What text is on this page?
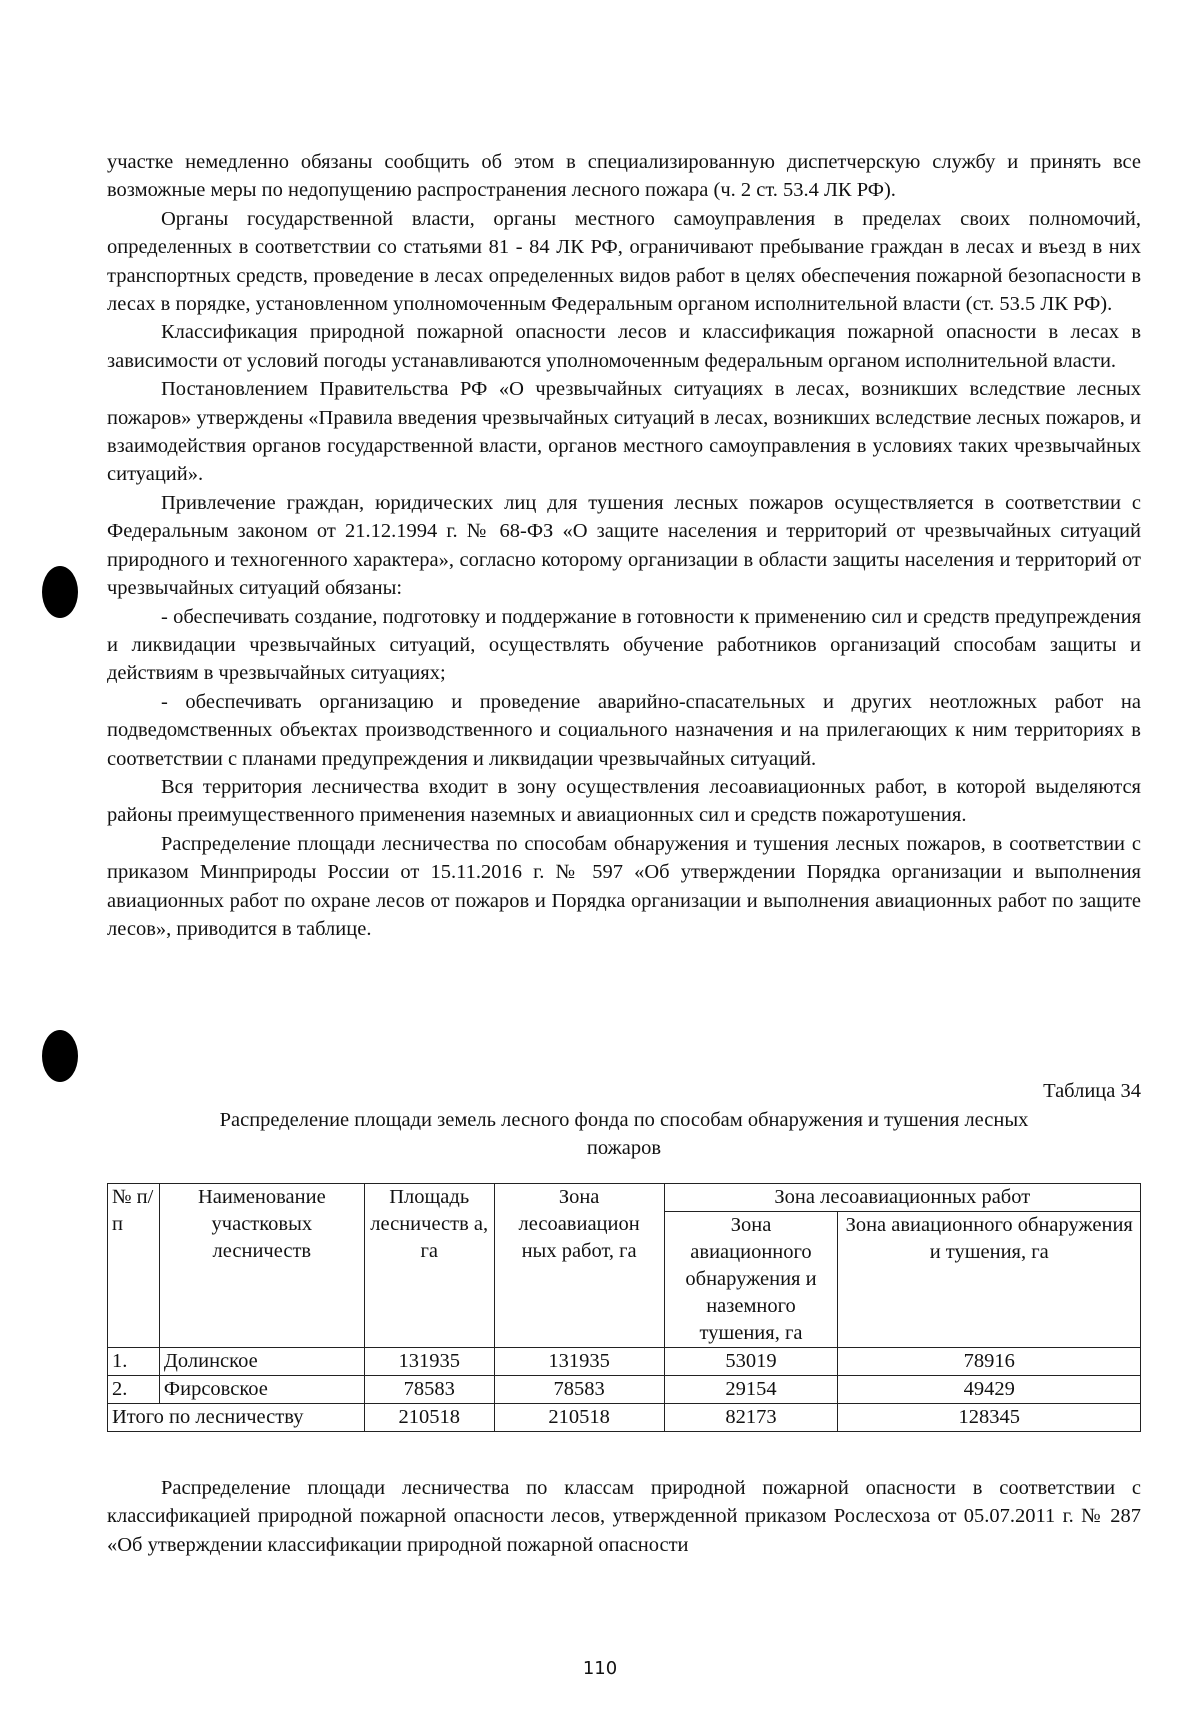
участке немедленно обязаны сообщить об этом в специализированную диспетчерскую службу и принять все возможные меры по недопущению распространения лесного пожара (ч. 2 ст. 53.4 ЛК РФ).

Органы государственной власти, органы местного самоуправления в пределах своих полномочий, определенных в соответствии со статьями 81 - 84 ЛК РФ, ограничивают пребывание граждан в лесах и въезд в них транспортных средств, проведение в лесах определенных видов работ в целях обеспечения пожарной безопасности в лесах в порядке, установленном уполномоченным Федеральным органом исполнительной власти (ст. 53.5 ЛК РФ).

Классификация природной пожарной опасности лесов и классификация пожарной опасности в лесах в зависимости от условий погоды устанавливаются уполномоченным федеральным органом исполнительной власти.

Постановлением Правительства РФ «О чрезвычайных ситуациях в лесах, возникших вследствие лесных пожаров» утверждены «Правила введения чрезвычайных ситуаций в лесах, возникших вследствие лесных пожаров, и взаимодействия органов государственной власти, органов местного самоуправления в условиях таких чрезвычайных ситуаций».

Привлечение граждан, юридических лиц для тушения лесных пожаров осуществляется в соответствии с Федеральным законом от 21.12.1994 г. № 68-ФЗ «О защите населения и территорий от чрезвычайных ситуаций природного и техногенного характера», согласно которому организации в области защиты населения и территорий от чрезвычайных ситуаций обязаны:

- обеспечивать создание, подготовку и поддержание в готовности к применению сил и средств предупреждения и ликвидации чрезвычайных ситуаций, осуществлять обучение работников организаций способам защиты и действиям в чрезвычайных ситуациях;

- обеспечивать организацию и проведение аварийно-спасательных и других неотложных работ на подведомственных объектах производственного и социального назначения и на прилегающих к ним территориях в соответствии с планами предупреждения и ликвидации чрезвычайных ситуаций.

Вся территория лесничества входит в зону осуществления лесоавиационных работ, в которой выделяются районы преимущественного применения наземных и авиационных сил и средств пожаротушения.

Распределение площади лесничества по способам обнаружения и тушения лесных пожаров, в соответствии с приказом Минприроды России от 15.11.2016 г. № 597 «Об утверждении Порядка организации и выполнения авиационных работ по охране лесов от пожаров и Порядка организации и выполнения авиационных работ по защите лесов», приводится в таблице.

Таблица 34
Распределение площади земель лесного фонда по способам обнаружения и тушения лесных
пожаров
№ п/ п	Наименование участковых лесничеств	Площадь лесничеств а, га	Зона лесоавиацион ных работ, га	Зона лесоавиационных работ	
				Зона авиационного обнаружения и наземного тушения, га	Зона авиационного обнаружения и тушения, га
1.	Долинское	131935	131935	53019	78916
2.	Фирсовское	78583	78583	29154	49429
Итого по лесничеству		210518	210518	82173	128345

Распределение площади лесничества по классам природной пожарной опасности в соответствии с классификацией природной пожарной опасности лесов, утвержденной приказом Рослесхоза от 05.07.2011 г. № 287 «Об утверждении классификации природной пожарной опасности

110
